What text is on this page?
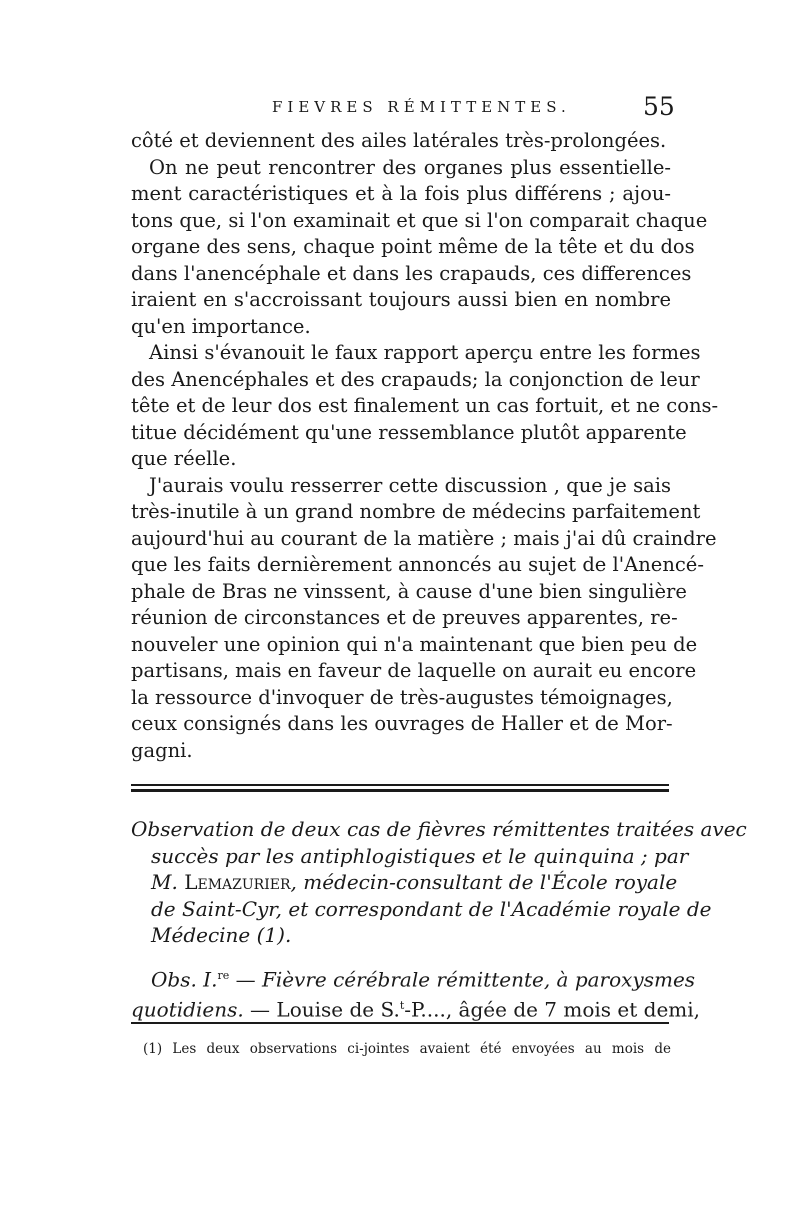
FIEVRES RÉMITTENTES.	55

côté et deviennent des ailes latérales très-prolongées.

On ne peut rencontrer des organes plus essentielle-
ment caractéristiques et à la fois plus différens ; ajou-
tons que, si l'on examinait et que si l'on comparait chaque
organe des sens, chaque point même de la tête et du dos
dans l'anencéphale et dans les crapauds, ces differences
iraient en s'accroissant toujours aussi bien en nombre
qu'en importance.

Ainsi s'évanouit le faux rapport aperçu entre les formes
des Anencéphales et des crapauds; la conjonction de leur
tête et de leur dos est finalement un cas fortuit, et ne cons-
titue décidément qu'une ressemblance plutôt apparente
que réelle.

J'aurais voulu resserrer cette discussion , que je sais
très-inutile à un grand nombre de médecins parfaitement
aujourd'hui au courant de la matière ; mais j'ai dû craindre
que les faits dernièrement annoncés au sujet de l'Anencé-
phale de Bras ne vinssent, à cause d'une bien singulière
réunion de circonstances et de preuves apparentes, re-
nouveler une opinion qui n'a maintenant que bien peu de
partisans, mais en faveur de laquelle on aurait eu encore
la ressource d'invoquer de très-augustes témoignages,
ceux consignés dans les ouvrages de Haller et de Mor-
gagni.

Observation de deux cas de fièvres rémittentes traitées avec
succès par les antiphlogistiques et le quinquina ; par
M. Lemazurier, médecin-consultant de l'École royale
de Saint-Cyr, et correspondant de l'Académie royale de
Médecine (1).
Obs. I.$^{re}$ — Fièvre cérébrale rémittente, à paroxysmes
quotidiens. — Louise de S.$^t$-P...., âgée de 7 mois et demi,
(1) Les deux observations ci-jointes avaient été envoyées au mois de
